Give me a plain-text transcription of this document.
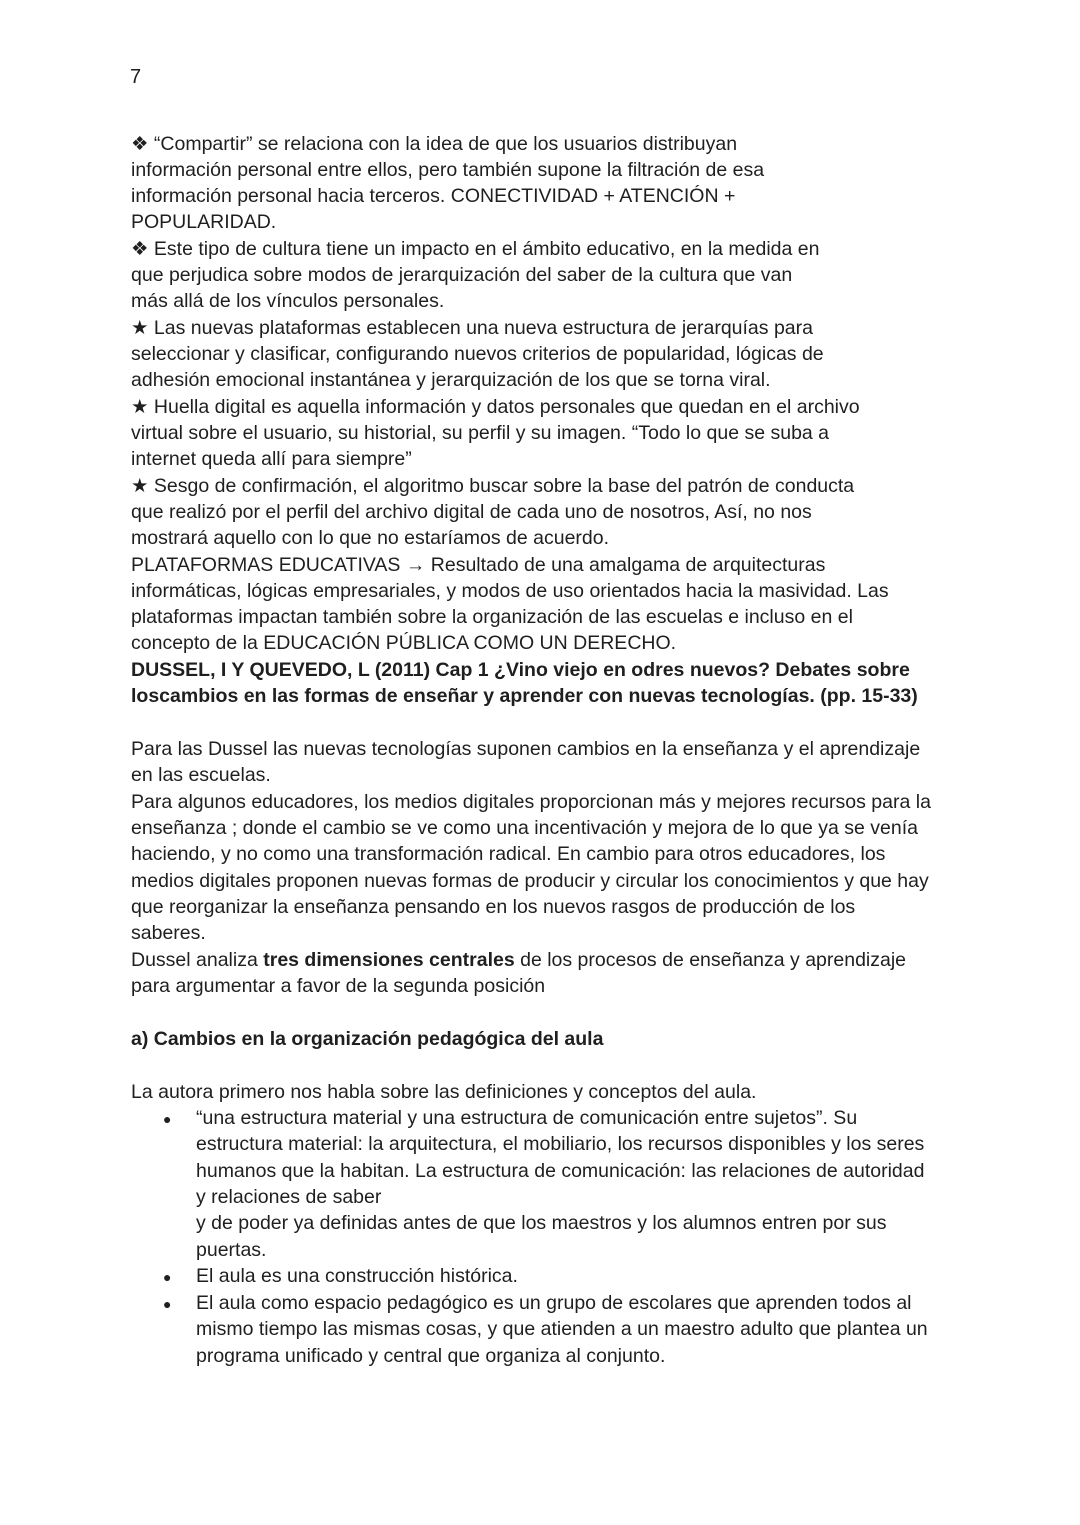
7
❖ “Compartir” se relaciona con la idea de que los usuarios distribuyan
información personal entre ellos, pero también supone la filtración de esa
información personal hacia terceros. CONECTIVIDAD + ATENCIÓN +
POPULARIDAD.
❖ Este tipo de cultura tiene un impacto en el ámbito educativo, en la medida en
que perjudica sobre modos de jerarquización del saber de la cultura que van
más allá de los vínculos personales.
★ Las nuevas plataformas establecen una nueva estructura de jerarquías para
seleccionar y clasificar, configurando nuevos criterios de popularidad, lógicas de
adhesión emocional instantánea y jerarquización de los que se torna viral.
★ Huella digital es aquella información y datos personales que quedan en el archivo
virtual sobre el usuario, su historial, su perfil y su imagen. “Todo lo que se suba a
internet queda allí para siempre”
★ Sesgo de confirmación, el algoritmo buscar sobre la base del patrón de conducta
que realizó por el perfil del archivo digital de cada uno de nosotros, Así, no nos
mostrará aquello con lo que no estaríamos de acuerdo.
PLATAFORMAS EDUCATIVAS → Resultado de una amalgama de arquitecturas
informáticas, lógicas empresariales, y modos de uso orientados hacia la masividad. Las
plataformas impactan también sobre la organización de las escuelas e incluso en el
concepto de la EDUCACIÓN PÚBLICA COMO UN DERECHO.
DUSSEL, I Y QUEVEDO, L (2011) Cap 1 ¿Vino viejo en odres nuevos? Debates sobre
loscambios en las formas de enseñar y aprender con nuevas tecnologías. (pp. 15-33)
Para las Dussel las nuevas tecnologías suponen cambios en la enseñanza y el aprendizaje
en las escuelas.
Para algunos educadores, los medios digitales proporcionan más y mejores recursos para la
enseñanza ; donde el cambio se ve como una incentivación y mejora de lo que ya se venía
haciendo, y no como una transformación radical. En cambio para otros educadores, los
medios digitales proponen nuevas formas de producir y circular los conocimientos y que hay
que reorganizar la enseñanza pensando en los nuevos rasgos de producción de los
saberes.
Dussel analiza tres dimensiones centrales de los procesos de enseñanza y aprendizaje
para argumentar a favor de la segunda posición
a) Cambios en la organización pedagógica del aula
La autora primero nos habla sobre las definiciones y conceptos del aula.
● “una estructura material y una estructura de comunicación entre sujetos”. Su
estructura material: la arquitectura, el mobiliario, los recursos disponibles y los seres
humanos que la habitan. La estructura de comunicación: las relaciones de autoridad
y relaciones de saber
y de poder ya definidas antes de que los maestros y los alumnos entren por sus
puertas.
● El aula es una construcción histórica.
● El aula como espacio pedagógico es un grupo de escolares que aprenden todos al
mismo tiempo las mismas cosas, y que atienden a un maestro adulto que plantea un
programa unificado y central que organiza al conjunto.
